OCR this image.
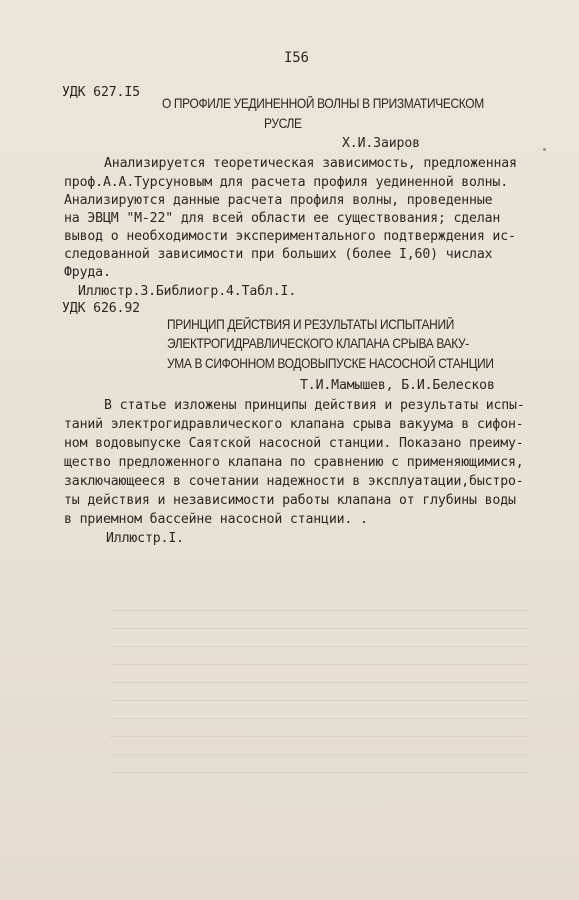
I56
УДК 627.I5
О ПРОФИЛЕ УЕДИНЕННОЙ ВОЛНЫ В ПРИЗМАТИЧЕСКОМ
РУСЛЕ
Х.И.Заиров
Анализируется теоретическая зависимость, предложенная
проф.А.А.Турсуновым для расчета профиля уединенной волны.
Анализируются данные расчета профиля волны, проведенные
на ЭВЦМ "М-22" для всей области ее существования; сделан
вывод о необходимости экспериментального подтверждения ис-
следованной зависимости при больших (более I,60) числах
Фруда.
Иллюстр.3.Библиогр.4.Табл.I.
УДК 626.92
ПРИНЦИП ДЕЙСТВИЯ И РЕЗУЛЬТАТЫ ИСПЫТАНИЙ
ЭЛЕКТРОГИДРАВЛИЧЕСКОГО КЛАПАНА СРЫВА ВАКУ-
УМА В СИФОННОМ ВОДОВЫПУСКЕ НАСОСНОЙ СТАНЦИИ
Т.И.Мамышев, Б.И.Белесков
В статье изложены принципы действия и результаты испы-
таний электрогидравлического клапана срыва вакуума в сифон-
ном водовыпуске Саятской насосной станции. Показано преиму-
щество предложенного клапана по сравнению с применяющимися,
заключающееся в сочетании надежности в эксплуатации,быстро-
ты действия и независимости работы клапана от глубины воды
в приемном бассейне насосной станции. .
Иллюстр.I.
